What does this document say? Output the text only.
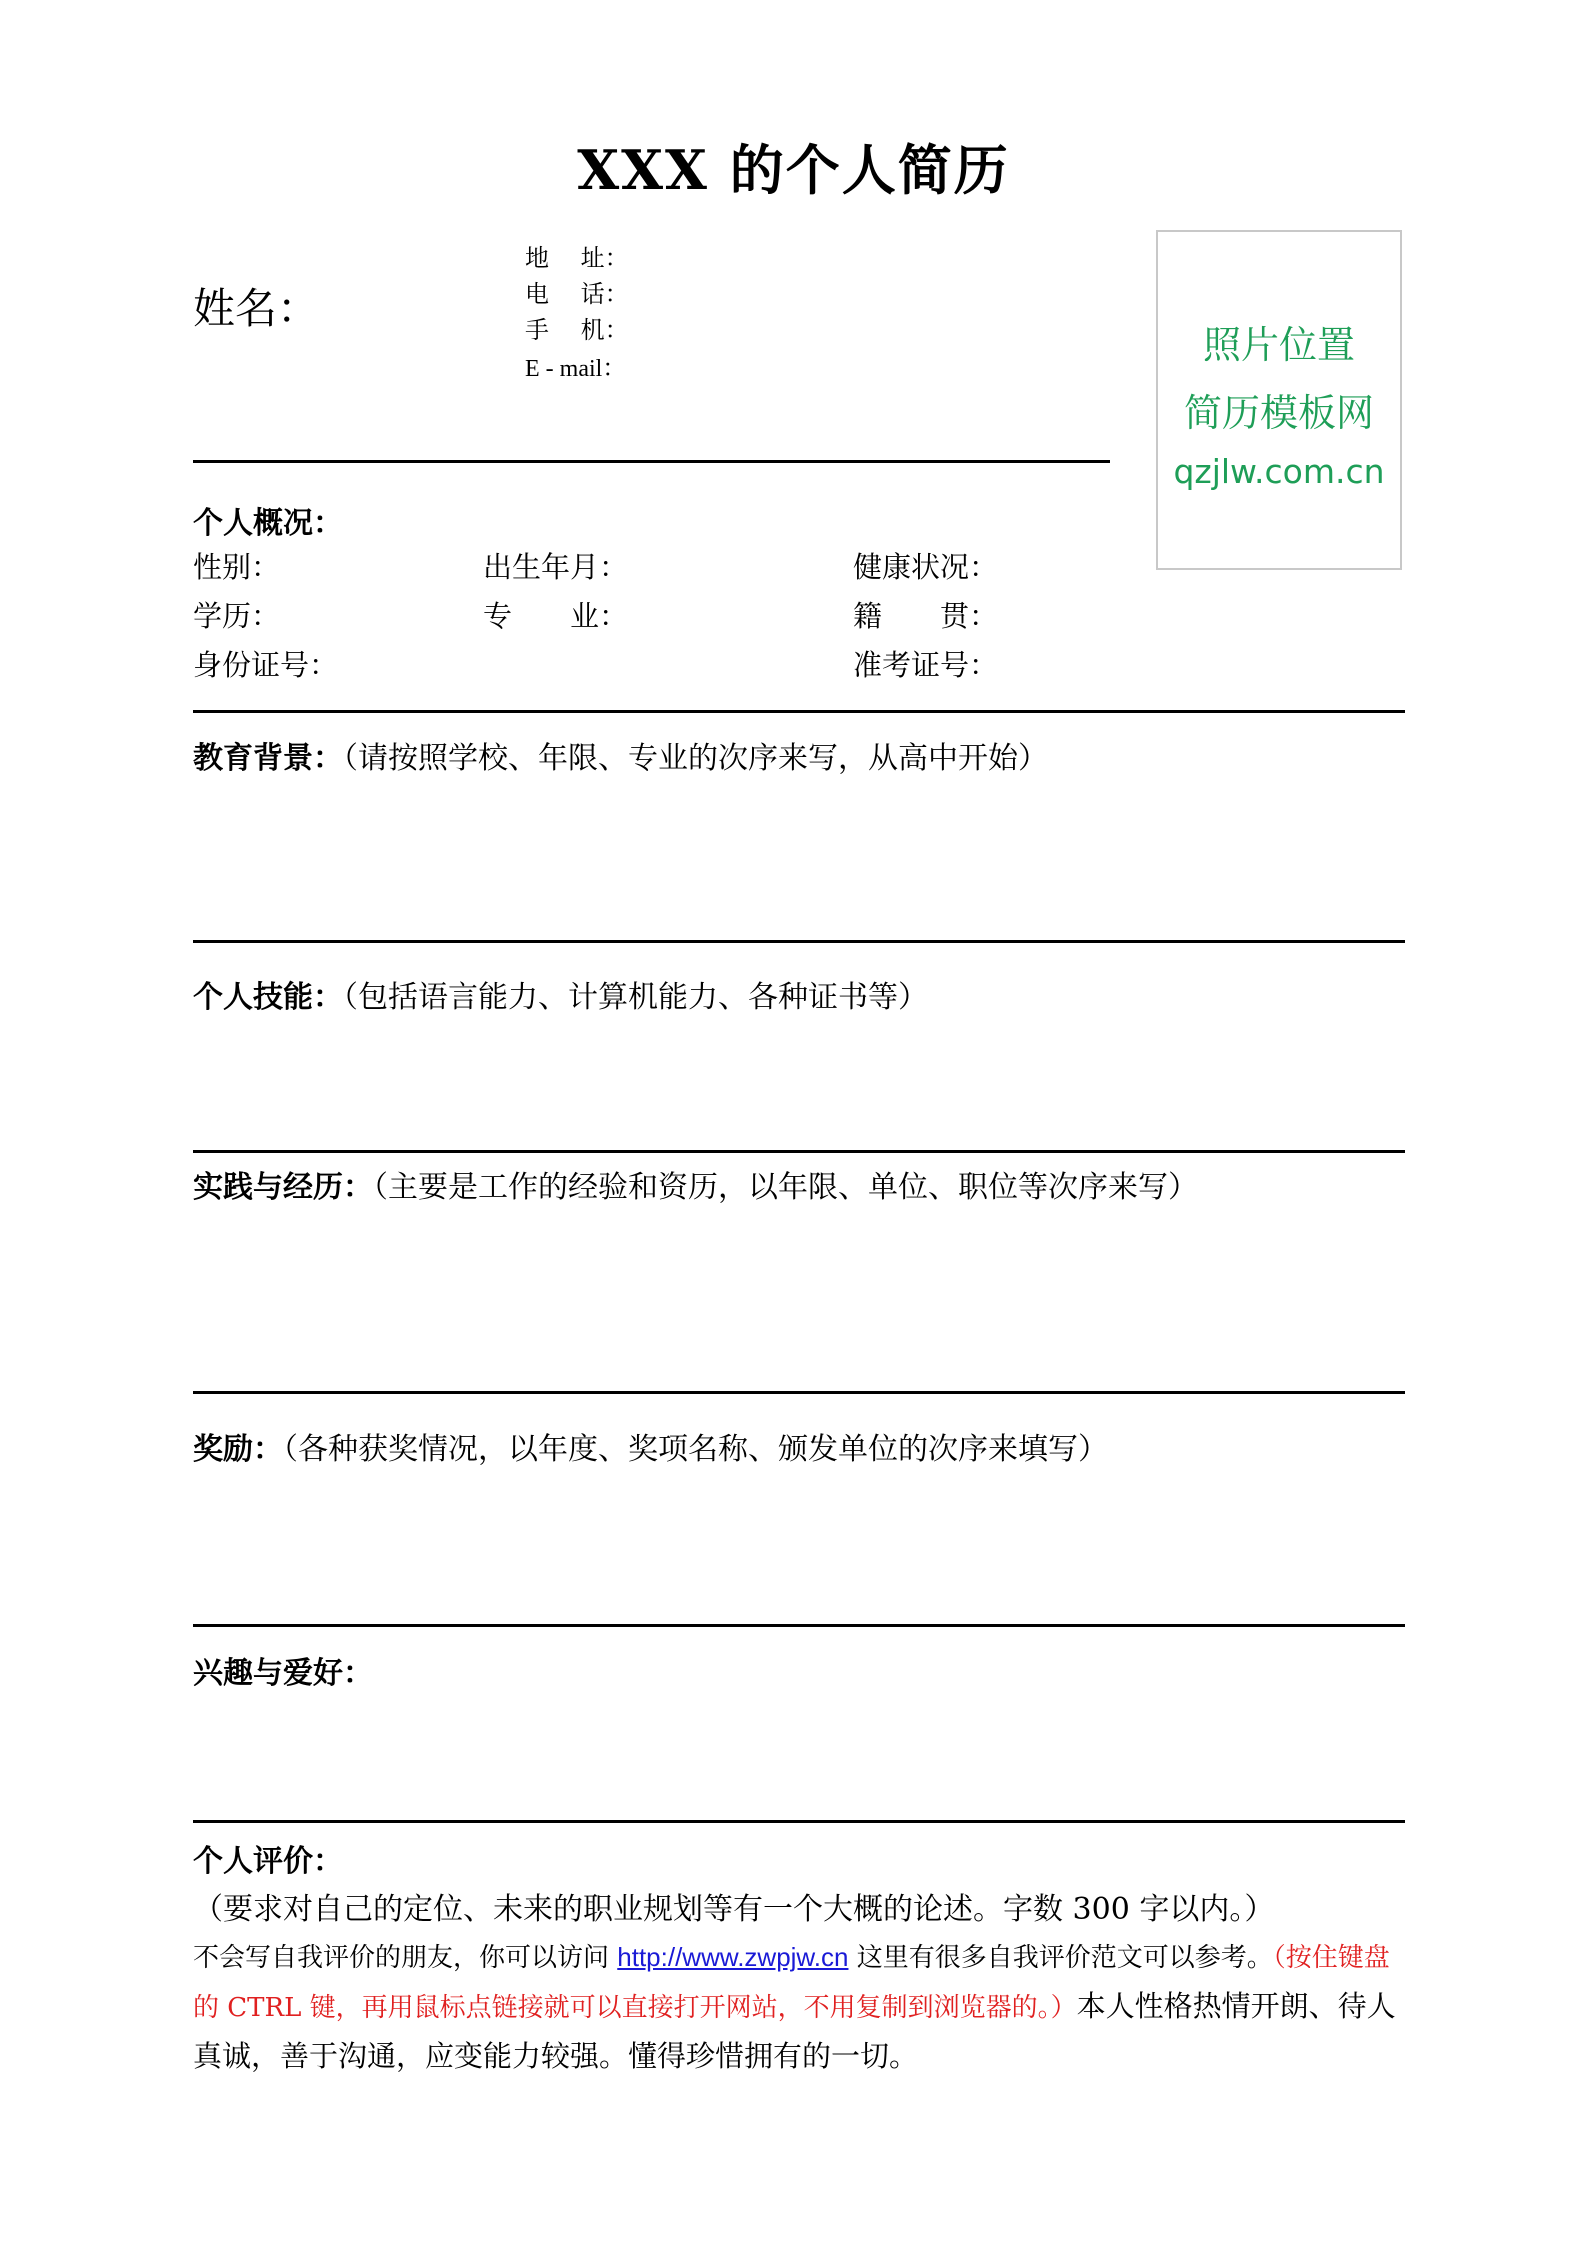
XXX 的个人简历
姓名：
地　 址：
电　 话：
手　 机：
E - mail：
照片位置
简历模板网
qzjlw.com.cn
个人概况：
性别：	出生年月：	健康状况：
学历：	专　　业：	籍　　贯：
身份证号：	准考证号：
教育背景：（请按照学校、年限、专业的次序来写，从高中开始）
个人技能：（包括语言能力、计算机能力、各种证书等）
实践与经历：（主要是工作的经验和资历，以年限、单位、职位等次序来写）
奖励：（各种获奖情况，以年度、奖项名称、颁发单位的次序来填写）
兴趣与爱好：
个人评价：（要求对自己的定位、未来的职业规划等有一个大概的论述。字数 300 字以内。）
不会写自我评价的朋友，你可以访问 http://www.zwpjw.cn 这里有很多自我评价范文可以参考。（按住键盘的 CTRL 键，再用鼠标点链接就可以直接打开网站，不用复制到浏览器的。）本人性格热情开朗、待人真诚，善于沟通，应变能力较强。懂得珍惜拥有的一切。
